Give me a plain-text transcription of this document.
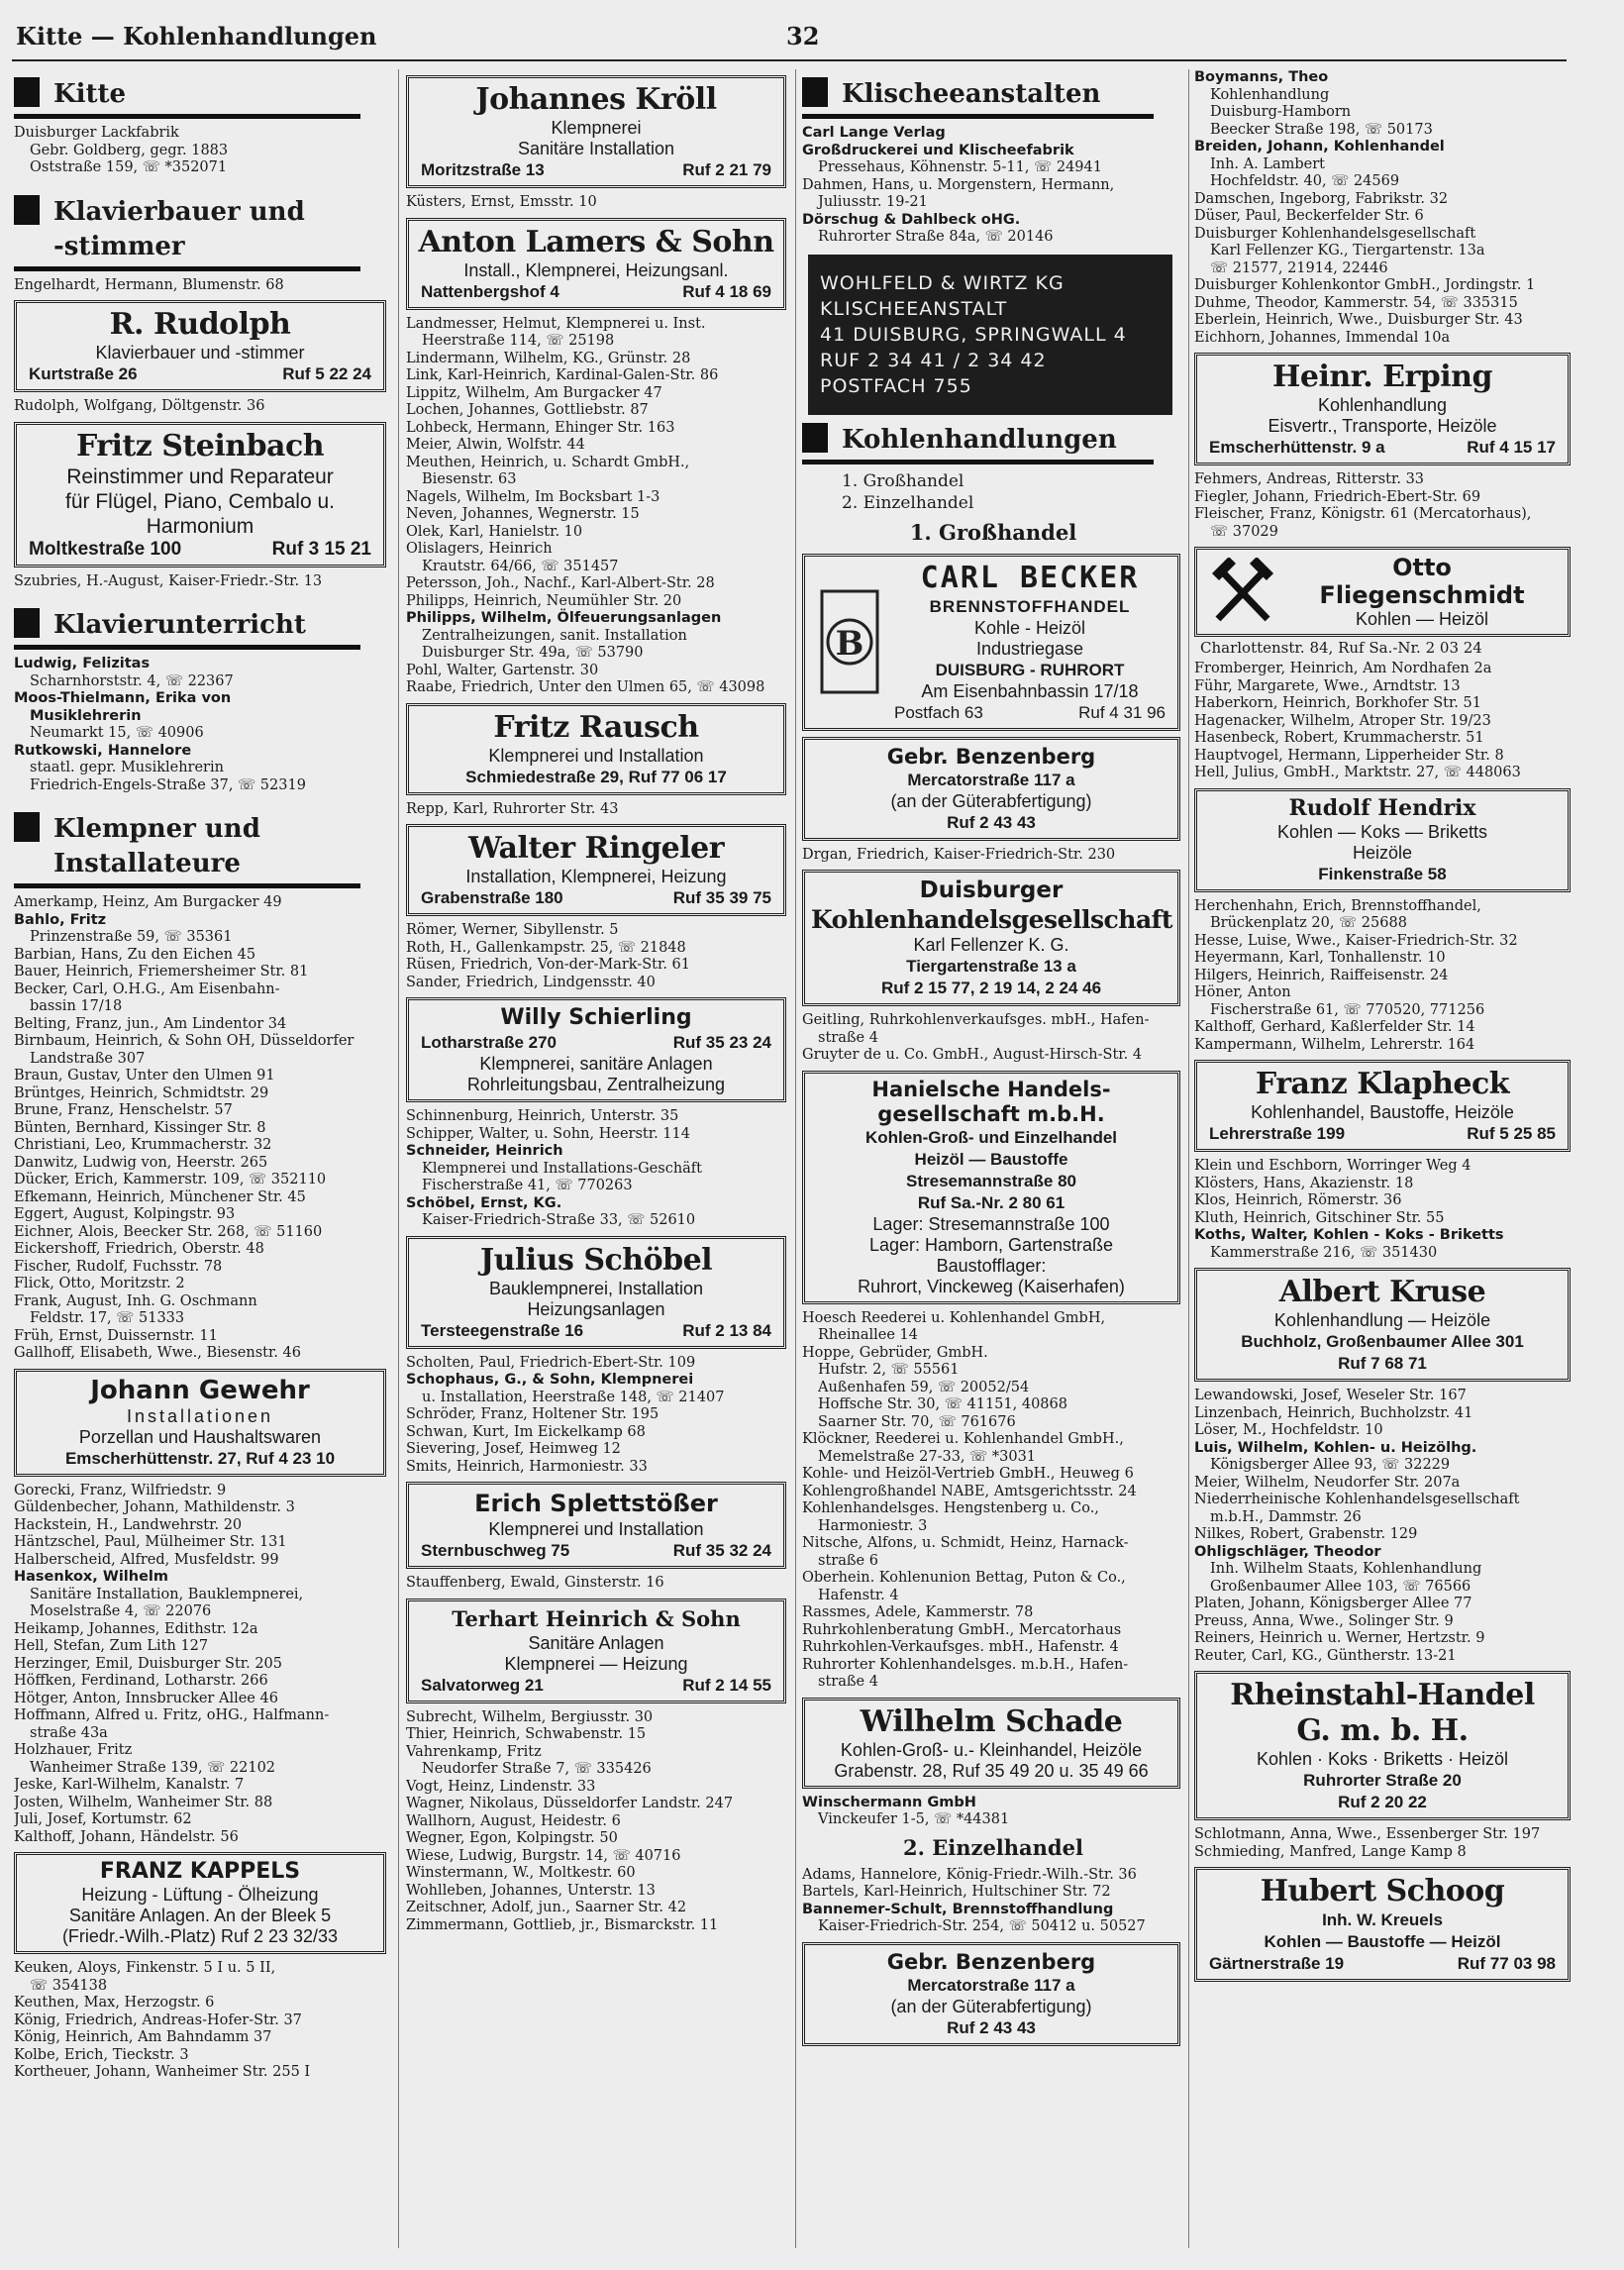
Kitte — Kohlenhandlungen	32
Kitte
Duisburger Lackfabrik
Gebr. Goldberg, gegr. 1883
Oststraße 159, ☏ *352071
Klavierbauer und
-stimmer
Engelhardt, Hermann, Blumenstr. 68
R. Rudolph
Klavierbauer und -stimmer
Kurtstraße 26	Ruf 5 22 24
Rudolph, Wolfgang, Döltgenstr. 36
Fritz Steinbach
Reinstimmer und Reparateur
für Flügel, Piano, Cembalo u.
Harmonium
Moltkestraße 100	Ruf 3 15 21
Szubries, H.-August, Kaiser-Friedr.-Str. 13
Klavierunterricht
Ludwig, Felizitas
Scharnhorststr. 4, ☏ 22367
Moos-Thielmann, Erika von
Musiklehrerin
Neumarkt 15, ☏ 40906
Rutkowski, Hannelore
staatl. gepr. Musiklehrerin
Friedrich-Engels-Straße 37, ☏ 52319
Klempner und
Installateure
Amerkamp, Heinz, Am Burgacker 49
Bahlo, Fritz
Prinzenstraße 59, ☏ 35361
Barbian, Hans, Zu den Eichen 45
Bauer, Heinrich, Friemersheimer Str. 81
Becker, Carl, O.H.G., Am Eisenbahn-
bassin 17/18
Belting, Franz, jun., Am Lindentor 34
Birnbaum, Heinrich, & Sohn OH, Düsseldorfer
Landstraße 307
Braun, Gustav, Unter den Ulmen 91
Brüntges, Heinrich, Schmidtstr. 29
Brune, Franz, Henschelstr. 57
Bünten, Bernhard, Kissinger Str. 8
Christiani, Leo, Krummacherstr. 32
Danwitz, Ludwig von, Heerstr. 265
Dücker, Erich, Kammerstr. 109, ☏ 352110
Efkemann, Heinrich, Münchener Str. 45
Eggert, August, Kolpingstr. 93
Eichner, Alois, Beecker Str. 268, ☏ 51160
Eickershoff, Friedrich, Oberstr. 48
Fischer, Rudolf, Fuchsstr. 78
Flick, Otto, Moritzstr. 2
Frank, August, Inh. G. Oschmann
Feldstr. 17, ☏ 51333
Früh, Ernst, Duissernstr. 11
Gallhoff, Elisabeth, Wwe., Biesenstr. 46
Johann Gewehr
Installationen
Porzellan und Haushaltswaren
Emscherhüttenstr. 27, Ruf 4 23 10
Gorecki, Franz, Wilfriedstr. 9
Güldenbecher, Johann, Mathildenstr. 3
Hackstein, H., Landwehrstr. 20
Häntzschel, Paul, Mülheimer Str. 131
Halberscheid, Alfred, Musfeldstr. 99
Hasenkox, Wilhelm
Sanitäre Installation, Bauklempnerei,
Moselstraße 4, ☏ 22076
Heikamp, Johannes, Edithstr. 12a
Hell, Stefan, Zum Lith 127
Herzinger, Emil, Duisburger Str. 205
Höffken, Ferdinand, Lotharstr. 266
Hötger, Anton, Innsbrucker Allee 46
Hoffmann, Alfred u. Fritz, oHG., Halfmann-
straße 43a
Holzhauer, Fritz
Wanheimer Straße 139, ☏ 22102
Jeske, Karl-Wilhelm, Kanalstr. 7
Josten, Wilhelm, Wanheimer Str. 88
Juli, Josef, Kortumstr. 62
Kalthoff, Johann, Händelstr. 56
FRANZ KAPPELS
Heizung - Lüftung - Ölheizung
Sanitäre Anlagen. An der Bleek 5
(Friedr.-Wilh.-Platz) Ruf 2 23 32/33
Keuken, Aloys, Finkenstr. 5 I u. 5 II,
☏ 354138
Keuthen, Max, Herzogstr. 6
König, Friedrich, Andreas-Hofer-Str. 37
König, Heinrich, Am Bahndamm 37
Kolbe, Erich, Tieckstr. 3
Kortheuer, Johann, Wanheimer Str. 255 I
Johannes Kröll
Klempnerei
Sanitäre Installation
Moritzstraße 13	Ruf 2 21 79
Küsters, Ernst, Emsstr. 10
Anton Lamers & Sohn
Install., Klempnerei, Heizungsanl.
Nattenbergshof 4	Ruf 4 18 69
Landmesser, Helmut, Klempnerei u. Inst.
Heerstraße 114, ☏ 25198
Lindermann, Wilhelm, KG., Grünstr. 28
Link, Karl-Heinrich, Kardinal-Galen-Str. 86
Lippitz, Wilhelm, Am Burgacker 47
Lochen, Johannes, Gottliebstr. 87
Lohbeck, Hermann, Ehinger Str. 163
Meier, Alwin, Wolfstr. 44
Meuthen, Heinrich, u. Schardt GmbH.,
Biesenstr. 63
Nagels, Wilhelm, Im Bocksbart 1-3
Neven, Johannes, Wegnerstr. 15
Olek, Karl, Hanielstr. 10
Olislagers, Heinrich
Krautstr. 64/66, ☏ 351457
Petersson, Joh., Nachf., Karl-Albert-Str. 28
Philipps, Heinrich, Neumühler Str. 20
Philipps, Wilhelm, Ölfeuerungsanlagen
Zentralheizungen, sanit. Installation
Duisburger Str. 49a, ☏ 53790
Pohl, Walter, Gartenstr. 30
Raabe, Friedrich, Unter den Ulmen 65, ☏ 43098
Fritz Rausch
Klempnerei und Installation
Schmiedestraße 29, Ruf 77 06 17
Repp, Karl, Ruhrorter Str. 43
Walter Ringeler
Installation, Klempnerei, Heizung
Grabenstraße 180	Ruf 35 39 75
Römer, Werner, Sibyllenstr. 5
Roth, H., Gallenkampstr. 25, ☏ 21848
Rüsen, Friedrich, Von-der-Mark-Str. 61
Sander, Friedrich, Lindgensstr. 40
Willy Schierling
Lotharstraße 270	Ruf 35 23 24
Klempnerei, sanitäre Anlagen
Rohrleitungsbau, Zentralheizung
Schinnenburg, Heinrich, Unterstr. 35
Schipper, Walter, u. Sohn, Heerstr. 114
Schneider, Heinrich
Klempnerei und Installations-Geschäft
Fischerstraße 41, ☏ 770263
Schöbel, Ernst, KG.
Kaiser-Friedrich-Straße 33, ☏ 52610
Julius Schöbel
Bauklempnerei, Installation
Heizungsanlagen
Tersteegenstraße 16	Ruf 2 13 84
Scholten, Paul, Friedrich-Ebert-Str. 109
Schophaus, G., & Sohn, Klempnerei
u. Installation, Heerstraße 148, ☏ 21407
Schröder, Franz, Holtener Str. 195
Schwan, Kurt, Im Eickelkamp 68
Sievering, Josef, Heimweg 12
Smits, Heinrich, Harmoniestr. 33
Erich Splettstößer
Klempnerei und Installation
Sternbuschweg 75	Ruf 35 32 24
Stauffenberg, Ewald, Ginsterstr. 16
Terhart Heinrich & Sohn
Sanitäre Anlagen
Klempnerei — Heizung
Salvatorweg 21	Ruf 2 14 55
Subrecht, Wilhelm, Bergiusstr. 30
Thier, Heinrich, Schwabenstr. 15
Vahrenkamp, Fritz
Neudorfer Straße 7, ☏ 335426
Vogt, Heinz, Lindenstr. 33
Wagner, Nikolaus, Düsseldorfer Landstr. 247
Wallhorn, August, Heidestr. 6
Wegner, Egon, Kolpingstr. 50
Wiese, Ludwig, Burgstr. 14, ☏ 40716
Winstermann, W., Moltkestr. 60
Wohlleben, Johannes, Unterstr. 13
Zeitschner, Adolf, jun., Saarner Str. 42
Zimmermann, Gottlieb, jr., Bismarckstr. 11
Klischeeanstalten
Carl Lange Verlag
Großdruckerei und Klischeefabrik
Pressehaus, Köhnenstr. 5-11, ☏ 24941
Dahmen, Hans, u. Morgenstern, Hermann,
Juliusstr. 19-21
Dörschug & Dahlbeck oHG.
Ruhrorter Straße 84a, ☏ 20146
WOHLFELD & WIRTZ KG
KLISCHEEANSTALT
41 DUISBURG, SPRINGWALL 4
RUF 2 34 41 / 2 34 42
POSTFACH 755
Kohlenhandlungen
1. Großhandel
2. Einzelhandel
1. Großhandel
B
CARL BECKER
BRENNSTOFFHANDEL
Kohle - Heizöl
Industriegase
DUISBURG - RUHRORT
Am Eisenbahnbassin 17/18
Postfach 63	Ruf 4 31 96
Gebr. Benzenberg
Mercatorstraße 117 a
(an der Güterabfertigung)
Ruf 2 43 43
Drgan, Friedrich, Kaiser-Friedrich-Str. 230
Duisburger
Kohlenhandelsgesellschaft
Karl Fellenzer K. G.
Tiergartenstraße 13 a
Ruf 2 15 77, 2 19 14, 2 24 46
Geitling, Ruhrkohlenverkaufsges. mbH., Hafen-
straße 4
Gruyter de u. Co. GmbH., August-Hirsch-Str. 4
Hanielsche Handels-
gesellschaft m.b.H.
Kohlen-Groß- und Einzelhandel
Heizöl — Baustoffe
Stresemannstraße 80
Ruf Sa.-Nr. 2 80 61
Lager: Stresemannstraße 100
Lager: Hamborn, Gartenstraße
Baustofflager:
Ruhrort, Vinckeweg (Kaiserhafen)
Hoesch Reederei u. Kohlenhandel GmbH,
Rheinallee 14
Hoppe, Gebrüder, GmbH.
Hufstr. 2, ☏ 55561
Außenhafen 59, ☏ 20052/54
Hoffsche Str. 30, ☏ 41151, 40868
Saarner Str. 70, ☏ 761676
Klöckner, Reederei u. Kohlenhandel GmbH.,
Memelstraße 27-33, ☏ *3031
Kohle- und Heizöl-Vertrieb GmbH., Heuweg 6
Kohlengroßhandel NABE, Amtsgerichtsstr. 24
Kohlenhandelsges. Hengstenberg u. Co.,
Harmoniestr. 3
Nitsche, Alfons, u. Schmidt, Heinz, Harnack-
straße 6
Oberhein. Kohlenunion Bettag, Puton & Co.,
Hafenstr. 4
Rassmes, Adele, Kammerstr. 78
Ruhrkohlenberatung GmbH., Mercatorhaus
Ruhrkohlen-Verkaufsges. mbH., Hafenstr. 4
Ruhrorter Kohlenhandelsges. m.b.H., Hafen-
straße 4
Wilhelm Schade
Kohlen-Groß- u.- Kleinhandel, Heizöle
Grabenstr. 28, Ruf 35 49 20 u. 35 49 66
Winschermann GmbH
Vinckeufer 1-5, ☏ *44381
2. Einzelhandel
Adams, Hannelore, König-Friedr.-Wilh.-Str. 36
Bartels, Karl-Heinrich, Hultschiner Str. 72
Bannemer-Schult, Brennstoffhandlung
Kaiser-Friedrich-Str. 254, ☏ 50412 u. 50527
Gebr. Benzenberg
Mercatorstraße 117 a
(an der Güterabfertigung)
Ruf 2 43 43
Boymanns, Theo
Kohlenhandlung
Duisburg-Hamborn
Beecker Straße 198, ☏ 50173
Breiden, Johann, Kohlenhandel
Inh. A. Lambert
Hochfeldstr. 40, ☏ 24569
Damschen, Ingeborg, Fabrikstr. 32
Düser, Paul, Beckerfelder Str. 6
Duisburger Kohlenhandelsgesellschaft
Karl Fellenzer KG., Tiergartenstr. 13a
☏ 21577, 21914, 22446
Duisburger Kohlenkontor GmbH., Jordingstr. 1
Duhme, Theodor, Kammerstr. 54, ☏ 335315
Eberlein, Heinrich, Wwe., Duisburger Str. 43
Eichhorn, Johannes, Immendal 10a
Heinr. Erping
Kohlenhandlung
Eisvertr., Transporte, Heizöle
Emscherhüttenstr. 9 a	Ruf 4 15 17
Fehmers, Andreas, Ritterstr. 33
Fiegler, Johann, Friedrich-Ebert-Str. 69
Fleischer, Franz, Königstr. 61 (Mercatorhaus),
☏ 37029
Otto
Fliegenschmidt
Kohlen — Heizöl
Charlottenstr. 84, Ruf Sa.-Nr. 2 03 24
Fromberger, Heinrich, Am Nordhafen 2a
Führ, Margarete, Wwe., Arndtstr. 13
Haberkorn, Heinrich, Borkhofer Str. 51
Hagenacker, Wilhelm, Atroper Str. 19/23
Hasenbeck, Robert, Krummacherstr. 51
Hauptvogel, Hermann, Lipperheider Str. 8
Hell, Julius, GmbH., Marktstr. 27, ☏ 448063
Rudolf Hendrix
Kohlen — Koks — Briketts
Heizöle
Finkenstraße 58
Herchenhahn, Erich, Brennstoffhandel,
Brückenplatz 20, ☏ 25688
Hesse, Luise, Wwe., Kaiser-Friedrich-Str. 32
Heyermann, Karl, Tonhallenstr. 10
Hilgers, Heinrich, Raiffeisenstr. 24
Höner, Anton
Fischerstraße 61, ☏ 770520, 771256
Kalthoff, Gerhard, Kaßlerfelder Str. 14
Kampermann, Wilhelm, Lehrerstr. 164
Franz Klapheck
Kohlenhandel, Baustoffe, Heizöle
Lehrerstraße 199	Ruf 5 25 85
Klein und Eschborn, Worringer Weg 4
Klösters, Hans, Akazienstr. 18
Klos, Heinrich, Römerstr. 36
Kluth, Heinrich, Gitschiner Str. 55
Koths, Walter, Kohlen - Koks - Briketts
Kammerstraße 216, ☏ 351430
Albert Kruse
Kohlenhandlung — Heizöle
Buchholz, Großenbaumer Allee 301
Ruf 7 68 71
Lewandowski, Josef, Weseler Str. 167
Linzenbach, Heinrich, Buchholzstr. 41
Löser, M., Hochfeldstr. 10
Luis, Wilhelm, Kohlen- u. Heizölhg.
Königsberger Allee 93, ☏ 32229
Meier, Wilhelm, Neudorfer Str. 207a
Niederrheinische Kohlenhandelsgesellschaft
m.b.H., Dammstr. 26
Nilkes, Robert, Grabenstr. 129
Ohligschläger, Theodor
Inh. Wilhelm Staats, Kohlenhandlung
Großenbaumer Allee 103, ☏ 76566
Platen, Johann, Königsberger Allee 77
Preuss, Anna, Wwe., Solinger Str. 9
Reiners, Heinrich u. Werner, Hertzstr. 9
Reuter, Carl, KG., Güntherstr. 13-21
Rheinstahl-Handel
G. m. b. H.
Kohlen · Koks · Briketts · Heizöl
Ruhrorter Straße 20
Ruf 2 20 22
Schlotmann, Anna, Wwe., Essenberger Str. 197
Schmieding, Manfred, Lange Kamp 8
Hubert Schoog
Inh. W. Kreuels
Kohlen — Baustoffe — Heizöl
Gärtnerstraße 19	Ruf 77 03 98
